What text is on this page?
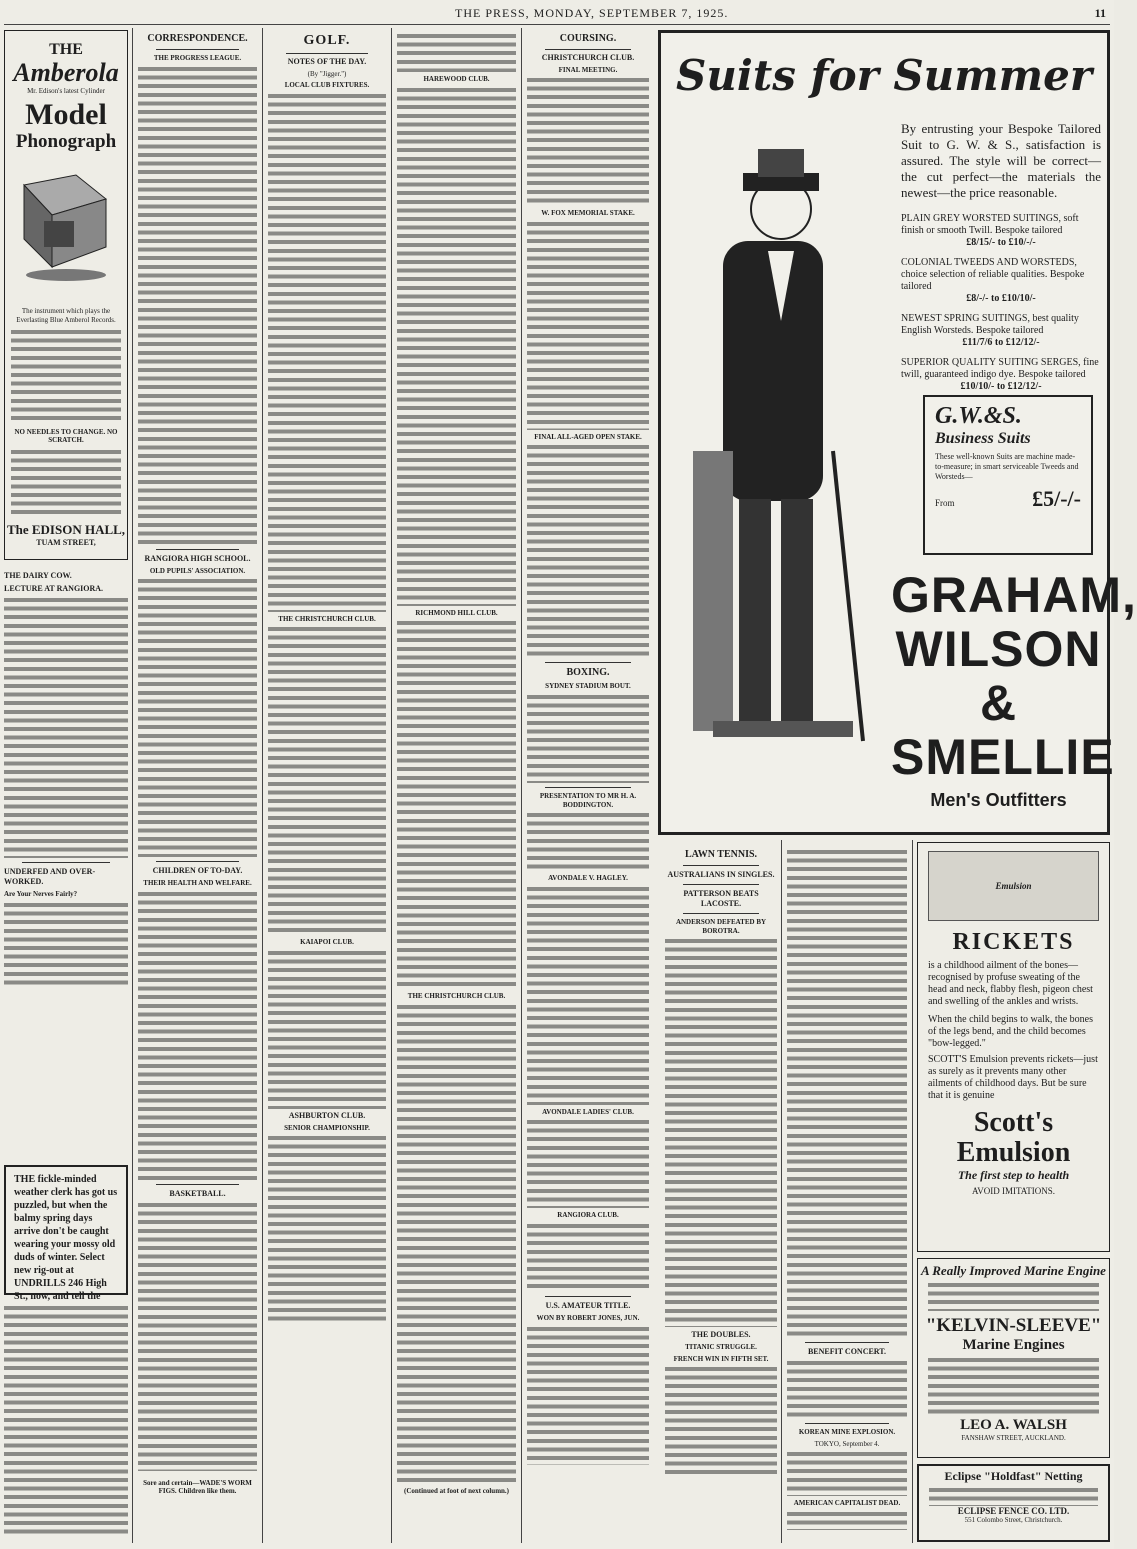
THE PRESS, MONDAY, SEPTEMBER 7, 1925.	11
THE
Amberola
Mr. Edison's latest Cylinder
Model
Phonograph
The instrument which plays the Everlasting Blue Amberol Records.
NO NEEDLES TO CHANGE. NO SCRATCH.
The EDISON HALL,
TUAM STREET,
THE DAIRY COW.
LECTURE AT RANGIORA.
UNDERFED AND OVER-WORKED.
Are Your Nerves Fairly?
THE fickle-minded weather clerk has got us puzzled, but when the balmy spring days arrive don't be caught wearing your mossy old duds of winter. Select new rig-out at UNDRILLS 246 High St., now, and tell the
CORRESPONDENCE.
THE PROGRESS LEAGUE.
RANGIORA HIGH SCHOOL.
OLD PUPILS' ASSOCIATION.
CHILDREN OF TO-DAY.
THEIR HEALTH AND WELFARE.
BASKETBALL.
Sore and certain—WADE'S WORM FIGS. Children like them.
GOLF.
NOTES OF THE DAY.
(By "Jigger.")
LOCAL CLUB FIXTURES.
THE CHRISTCHURCH CLUB.
KAIAPOI CLUB.
ASHBURTON CLUB.
SENIOR CHAMPIONSHIP.
HAREWOOD CLUB.
RICHMOND HILL CLUB.
THE CHRISTCHURCH CLUB.
(Continued at foot of next column.)
COURSING.
CHRISTCHURCH CLUB.
FINAL MEETING.
W. FOX MEMORIAL STAKE.
FINAL ALL-AGED OPEN STAKE.
BOXING.
SYDNEY STADIUM BOUT.
PRESENTATION TO MR H. A. BODDINGTON.
AVONDALE V. HAGLEY.
AVONDALE LADIES' CLUB.
RANGIORA CLUB.
U.S. AMATEUR TITLE.
WON BY ROBERT JONES, JUN.
Suits for Summer
By entrusting your Bespoke Tailored Suit to G. W. & S., satisfaction is assured. The style will be correct—the cut perfect—the materials the newest—the price reasonable.
PLAIN GREY WORSTED SUITINGS, soft finish or smooth Twill. Bespoke tailored
£8/15/- to £10/-/-
COLONIAL TWEEDS AND WORSTEDS, choice selection of reliable qualities. Bespoke tailored
£8/-/- to £10/10/-
NEWEST SPRING SUITINGS, best quality English Worsteds. Bespoke tailored
£11/7/6 to £12/12/-
SUPERIOR QUALITY SUITING SERGES, fine twill, guaranteed indigo dye. Bespoke tailored
£10/10/- to £12/12/-
G.W.&S.
Business Suits
These well-known Suits are machine made-to-measure; in smart serviceable Tweeds and Worsteds—
From	£5/-/-
GRAHAM,
WILSON &
SMELLIE
Men's Outfitters
LAWN TENNIS.
AUSTRALIANS IN SINGLES.
PATTERSON BEATS LACOSTE.
ANDERSON DEFEATED BY BOROTRA.
THE DOUBLES.
TITANIC STRUGGLE.
FRENCH WIN IN FIFTH SET.
BENEFIT CONCERT.
KOREAN MINE EXPLOSION.
TOKYO, September 4.
AMERICAN CAPITALIST DEAD.
Emulsion
RICKETS
is a childhood ailment of the bones—recognised by profuse sweating of the head and neck, flabby flesh, pigeon chest and swelling of the ankles and wrists.
When the child begins to walk, the bones of the legs bend, and the child becomes "bow-legged."
SCOTT'S Emulsion prevents rickets—just as surely as it prevents many other ailments of childhood days. But be sure that it is genuine
Scott's
Emulsion
The first step to health
AVOID IMITATIONS.
A Really Improved Marine Engine
"KELVIN-SLEEVE"
Marine Engines
LEO A. WALSH
FANSHAW STREET, AUCKLAND.
Eclipse "Holdfast" Netting
ECLIPSE FENCE CO. LTD.
551 Colombo Street, Christchurch.
